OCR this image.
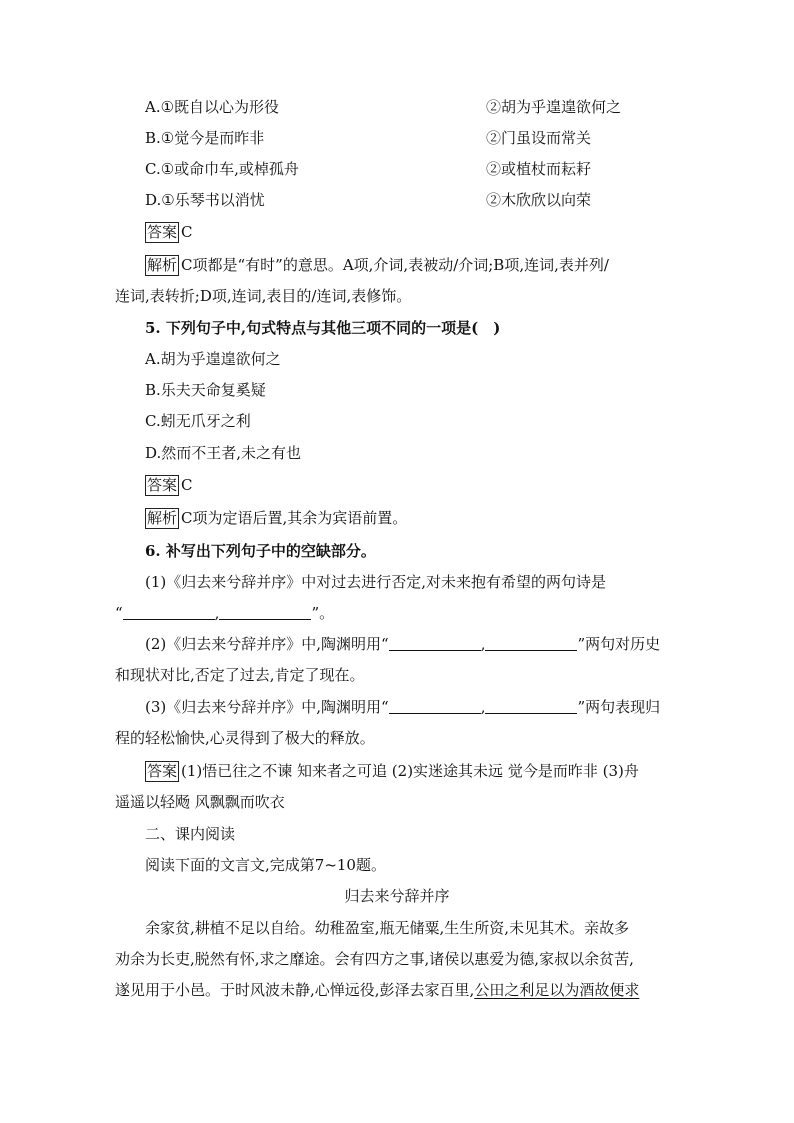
A.①既自以心为形役	②胡为乎遑遑欲何之
B.①觉今是而昨非	②门虽设而常关
C.①或命巾车,或棹孤舟	②或植杖而耘耔
D.①乐琴书以消忧	②木欣欣以向荣
答案 C
解析 C项都是“有时”的意思。A项,介词,表被动/介词;B项,连词,表并列/
连词,表转折;D项,连词,表目的/连词,表修饰。
5. 下列句子中,句式特点与其他三项不同的一项是(　)
A.胡为乎遑遑欲何之
B.乐夫天命复奚疑
C.蚓无爪牙之利
D.然而不王者,未之有也
答案 C
解析 C项为定语后置,其余为宾语前置。
6. 补写出下列句子中的空缺部分。
(1)《归去来兮辞并序》中对过去进行否定,对未来抱有希望的两句诗是
“	,	”。
(2)《归去来兮辞并序》中,陶渊明用“	,	”两句对历史
和现状对比,否定了过去,肯定了现在。
(3)《归去来兮辞并序》中,陶渊明用“	,	”两句表现归
程的轻松愉快,心灵得到了极大的释放。
答案 (1)悟已往之不谏 知来者之可追 (2)实迷途其未远 觉今是而昨非 (3)舟
遥遥以轻飏 风飘飘而吹衣
二、课内阅读
阅读下面的文言文,完成第7~10题。
归去来兮辞并序
余家贫,耕植不足以自给。幼稚盈室,瓶无储粟,生生所资,未见其术。亲故多
劝余为长吏,脱然有怀,求之靡途。会有四方之事,诸侯以惠爱为德,家叔以余贫苦,
遂见用于小邑。于时风波未静,心惮远役,彭泽去家百里,公田之利足以为酒故便求
